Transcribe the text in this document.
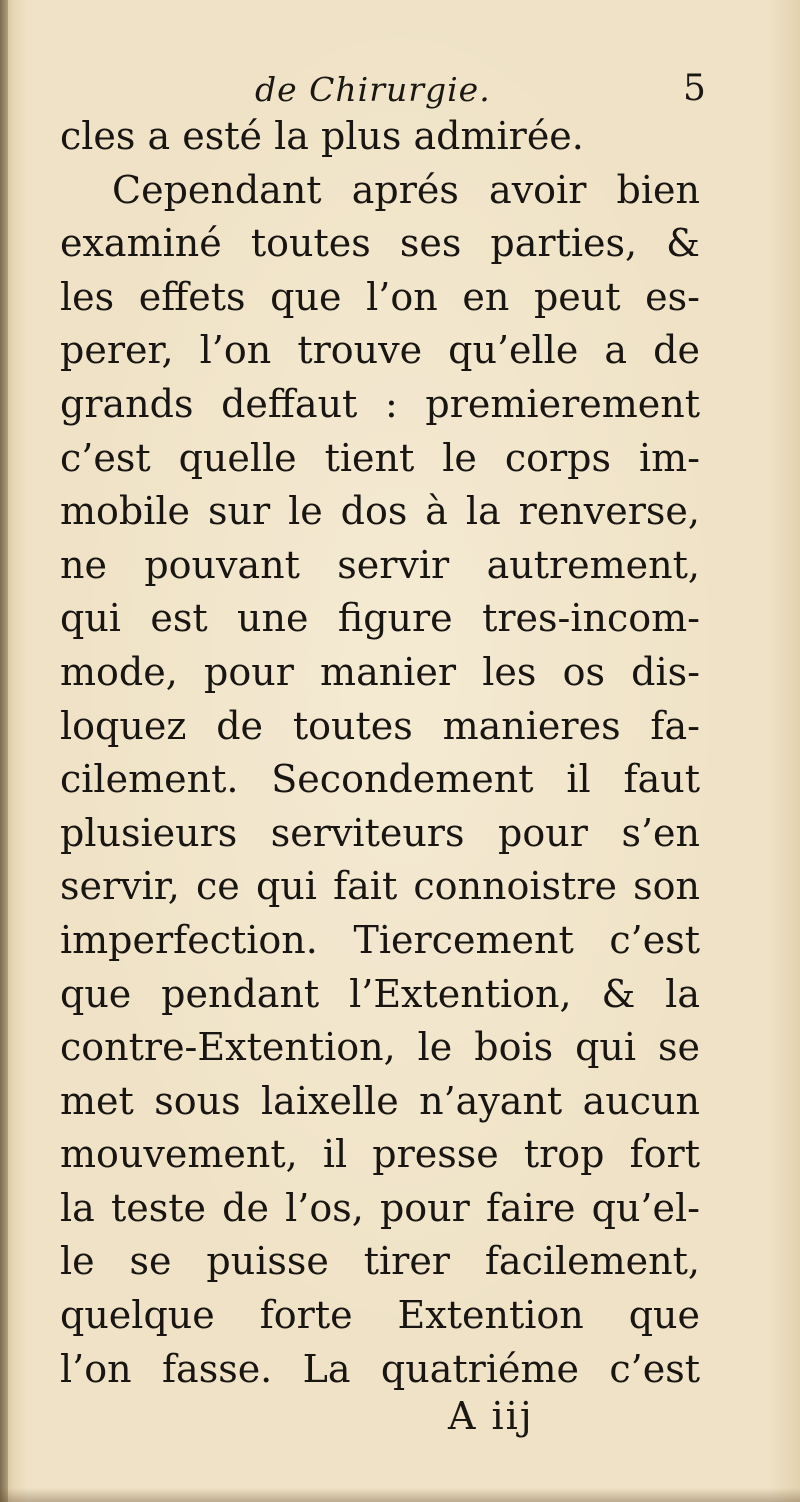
de Chirurgie.	5
cles a esté la plus admirée.
Cependant aprés avoir bien
examiné toutes ses parties, &
les effets que l’on en peut es-
perer, l’on trouve qu’elle a de
grands deffaut : premierement
c’est quelle tient le corps im-
mobile sur le dos à la renverse,
ne pouvant servir autrement,
qui est une figure tres-incom-
mode, pour manier les os dis-
loquez de toutes manieres fa-
cilement. Secondement il faut
plusieurs serviteurs pour s’en
servir, ce qui fait connoistre son
imperfection. Tiercement c’est
que pendant l’Extention, & la
contre-Extention, le bois qui se
met sous laixelle n’ayant aucun
mouvement, il presse trop fort
la teste de l’os, pour faire qu’el-
le se puisse tirer facilement,
quelque forte Extention que
l’on fasse. La quatriéme c’est
A iij
